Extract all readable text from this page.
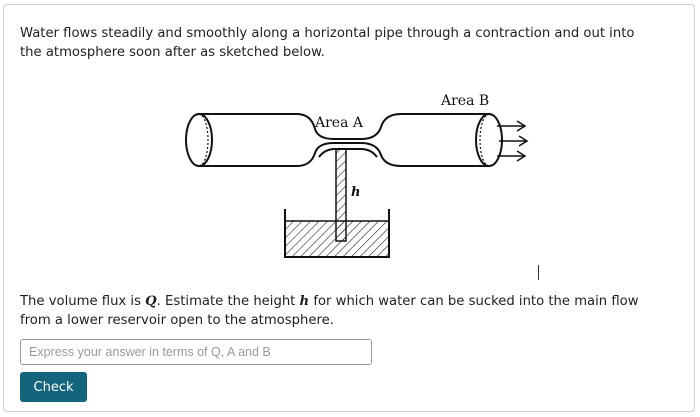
Water flows steadily and smoothly along a horizontal pipe through a contraction and out into the atmosphere soon after as sketched below.
Area A
Area B
h
The volume flux is Q. Estimate the height h for which water can be sucked into the main flow from a lower reservoir open to the atmosphere.
Express your answer in terms of Q, A and B
Check
